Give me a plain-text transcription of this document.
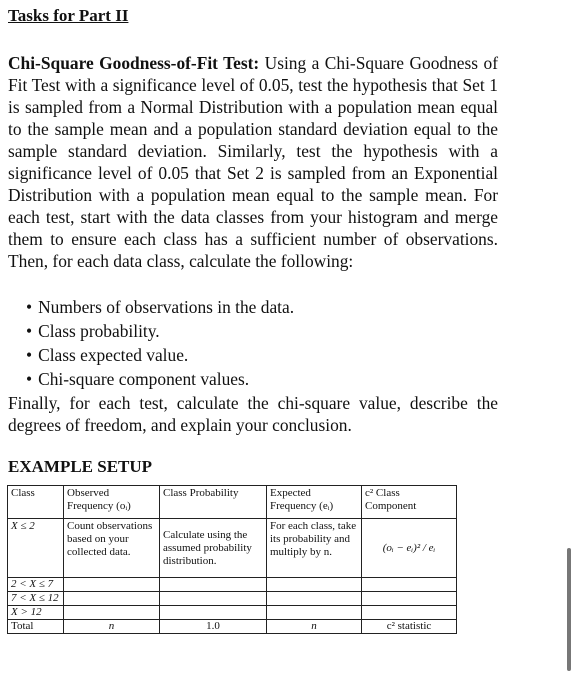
Tasks for Part II
Chi-Square Goodness-of-Fit Test: Using a Chi-Square Goodness of Fit Test with a significance level of 0.05, test the hypothesis that Set 1 is sampled from a Normal Distribution with a population mean equal to the sample mean and a population standard deviation equal to the sample standard deviation. Similarly, test the hypothesis with a significance level of 0.05 that Set 2 is sampled from an Exponential Distribution with a population mean equal to the sample mean. For each test, start with the data classes from your histogram and merge them to ensure each class has a sufficient number of observations. Then, for each data class, calculate the following:
• Numbers of observations in the data.
• Class probability.
• Class expected value.
• Chi-square component values.
Finally, for each test, calculate the chi-square value, describe the degrees of freedom, and explain your conclusion.
EXAMPLE SETUP
Class	Observed Frequency (oᵢ)	Class Probability	Expected Frequency (eᵢ)	c² Class Component
X ≤ 2	Count observations based on your collected data.	Calculate using the assumed probability distribution.	For each class, take its probability and multiply by n.	(oᵢ − eᵢ)² / eᵢ
2 < X ≤ 7				
7 < X ≤ 12				
X > 12				
Total	n	1.0	n	c² statistic
